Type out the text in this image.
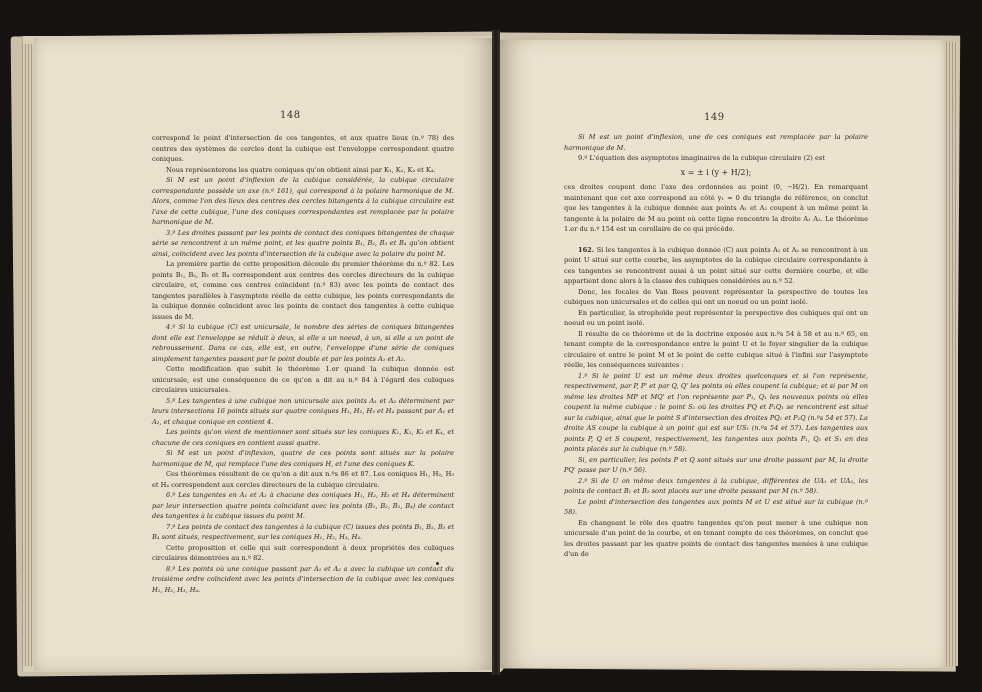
148

correspond le point d'intersection de ces tangentes, et aux quatre lieux (n.º 78) des centres des systèmes de cercles dont la cubique est l'enveloppe correspondent quatre coniques.

Nous représenterons les quatre coniques qu'on obtient ainsi par K₁, K₂, K₃ et K₄.

Si M est un point d'inflexion de la cubique considérée, la cubique circulaire correspondante possède un axe (n.º 161), qui correspond à la polaire harmonique de M. Alors, comme l'on des lieux des centres des cercles bitangents à la cubique circulaire est l'axe de cette cubique, l'une des coniques correspondantes est remplacée par la polaire harmonique de M.

3.º Les droites passant par les points de contact des coniques bitangentes de chaque série se rencontrent à un même point, et les quatre points B₁, B₂, B₃ et B₄ qu'on obtient ainsi, coïncident avec les points d'intersection de la cubique avec la polaire du point M.

La première partie de cette proposition découle du premier théorème du n.º 82. Les points B₁, B₂, B₃ et B₄ correspondent aux centres des cercles directeurs de la cubique circulaire, et, comme ces centres coïncident (n.º 83) avec les points de contact des tangentes parallèles à l'asymptote réelle de cette cubique, les points correspondants de la cubique donnée coïncident avec les points de contact des tangentes à cette cubique issues de M.

4.º Si la cubique (C) est unicursale, le nombre des séries de coniques bitangentes dont elle est l'enveloppe se réduit à deux, si elle a un noeud, à un, si elle a un point de rebroussement. Dans ce cas, elle est, en outre, l'enveloppe d'une série de coniques simplement tangentes passant par le point double et par les points A₁ et A₂.

Cette modification que subit le théorème 1.er quand la cubique donnée est unicursale, est une conséquence de ce qu'on a dit au n.º 84 à l'égard des cubiques circulaires unicursales.

5.º Les tangentes à une cubique non unicursale aux points A₁ et A₂ déterminent par leurs intersections 16 points situés sur quatre coniques H₁, H₂, H₃ et H₄ passant par A₁ et A₂, et chaque conique en contient 4.

Les points qu'on vient de mentionner sont situés sur les coniques K₁, K₂, K₃ et K₄, et chacune de ces coniques en contient aussi quatre.

Si M est un point d'inflexion, quatre de ces points sont situés sur la polaire harmonique de M, qui remplace l'une des coniques H, et l'une des coniques K.

Ces théorèmes résultent de ce qu'on a dit aux n.ºs 86 et 87. Les coniques H₁, H₂, H₃ et H₄ correspondent aux cercles directeurs de la cubique circulaire.

6.º Les tangentes en A₁ et A₂ à chacune des coniques H₁, H₂, H₃ et H₄ déterminent par leur intersection quatre points coïncidant avec les points (B₁, B₂, B₃, B₄) de contact des tangentes à la cubique issues du point M.

7.º Les points de contact des tangentes à la cubique (C) issues des points B₁, B₂, B₃ et B₄ sont situés, respectivement, sur les coniques H₁, H₂, H₃, H₄.

Cette proposition et celle qui suit correspondent à deux propriétés des cubiques circulaires démontrées au n.º 82.

8.º Les points où une conique passant par A₁ et A₂ a avec la cubique un contact du troisième ordre coïncident avec les points d'intersection de la cubique avec les coniques H₁, H₂, H₃, H₄.

149

Si M est un point d'inflexion, une de ces coniques est remplacée par la polaire harmonique de M.

9.º L'équation des asymptotes imaginaires de la cubique circulaire (2) est

x = ± i (y + H/2);

ces droites coupent donc l'axe des ordonnées au point (0, −H/2). En remarquant maintenant que cet axe correspond au côté y₁ = 0 du triangle de référence, on conclut que les tangentes à la cubique donnée aux points A₁ et A₂ coupent à un même point la tangente à la polaire de M au point où cette ligne rencontre la droite A₁ A₂. Le théorème 1.er du n.º 154 est un corollaire de ce qui précède.

162. Si les tangentes à la cubique donnée (C) aux points A₁ et A₂ se rencontrent à un point U situé sur cette courbe, les asymptotes de la cubique circulaire correspondante à ces tangentes se rencontrent aussi à un point situé sur cette dernière courbe, et elle appartient donc alors à la classe des cubiques considérées au n.º 52.

Donc, les focales de Van Rees peuvent représenter la perspective de toutes les cubiques non unicursales et de celles qui ont un noeud ou un point isolé.

En particulier, la strophoïde peut représenter la perspective des cubiques qui ont un noeud ou un point isolé.

Il résulte de ce théorème et de la doctrine exposée aux n.ºs 54 à 58 et au n.º 65, en tenant compte de la correspondance entre le point U et le foyer singulier de la cubique circulaire et entre le point M et le point de cette cubique situé à l'infini sur l'asymptote réelle, les conséquences suivantes :

1.º Si le point U est un même deux droites quelconques et si l'on représente, respectivement, par P, P' et par Q, Q' les points où elles coupent la cubique; et si par M on même les droites MP et MQ' et l'on représente par P₁, Q₁ les nouveaux points où elles coupent la même cubique : le point S₁ où les droites PQ et P₁Q₁ se rencontrent est situé sur la cubique, ainsi que le point S d'intersection des droites PQ₁ et P₁Q (n.ºs 54 et 57). La droite AS coupe la cubique à un point qui est sur US₁ (n.ºs 54 et 57). Les tangentes aux points P, Q et S coupent, respectivement, les tangentes aux points P₁, Q₁ et S₁ en des points placés sur la cubique (n.º 58).

Si, en particulier, les points P et Q sont situés sur une droite passant par M, la droite PQ' passe par U (n.º 56).

2.º Si de U on même deux tangentes à la cubique, différentes de UA₁ et UA₂, les points de contact B₁ et B₂ sont placés sur une droite passant par M (n.º 58).

Le point d'intersection des tangentes aux points M et U est situé sur la cubique (n.º 58).

En changeant le rôle des quatre tangentes qu'on peut mener à une cubique non unicursale d'un point de la courbe, et en tenant compte de ces théorèmes, on conclut que les droites passant par les quatre points de contact des tangentes menées à une cubique d'un de
